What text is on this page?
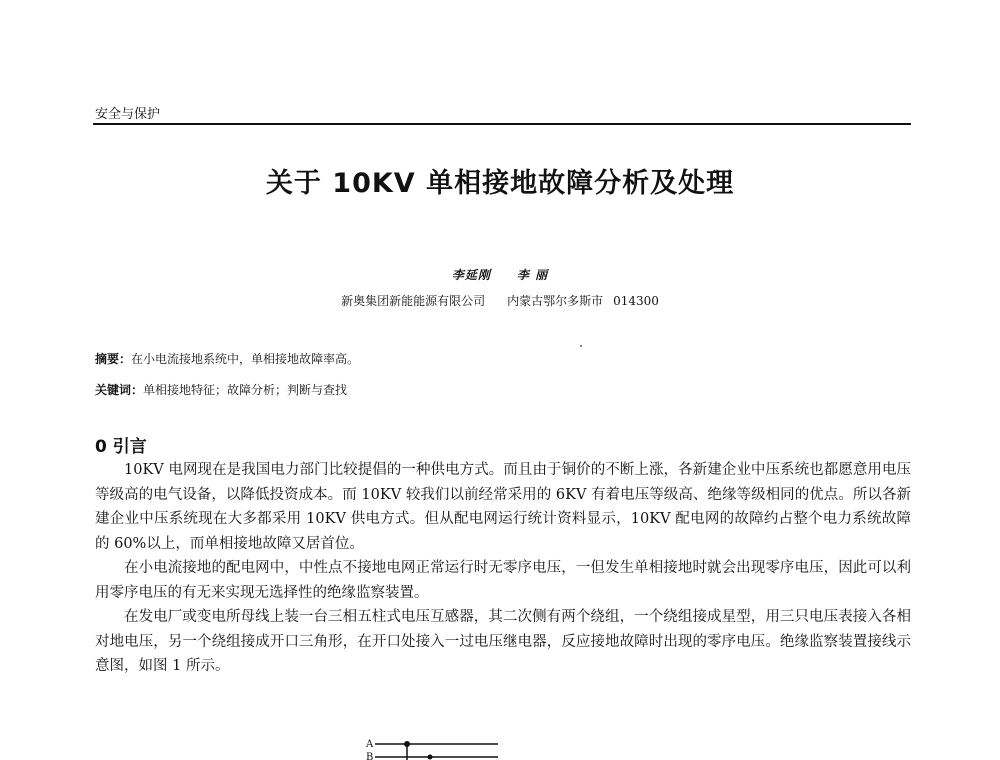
安全与保护
关于 10KV 单相接地故障分析及处理
李延刚 李 丽
新奥集团新能能源有限公司 内蒙古鄂尔多斯市 014300
摘要：在小电流接地系统中，单相接地故障率高。
关键词：单相接地特征；故障分析；判断与查找
0 引言

10KV 电网现在是我国电力部门比较提倡的一种供电方式。而且由于铜价的不断上涨，各新建企业中压系统也都愿意用电压等级高的电气设备，以降低投资成本。而 10KV 较我们以前经常采用的 6KV 有着电压等级高、绝缘等级相同的优点。所以各新建企业中压系统现在大多都采用 10KV 供电方式。但从配电网运行统计资料显示，10KV 配电网的故障约占整个电力系统故障的 60%以上，而单相接地故障又居首位。

在小电流接地的配电网中，中性点不接地电网正常运行时无零序电压，一但发生单相接地时就会出现零序电压，因此可以利用零序电压的有无来实现无选择性的绝缘监察装置。

在发电厂或变电所母线上装一台三相五柱式电压互感器，其二次侧有两个绕组，一个绕组接成星型，用三只电压表接入各相对地电压，另一个绕组接成开口三角形，在开口处接入一过电压继电器，反应接地故障时出现的零序电压。绝缘监察装置接线示意图，如图 1 所示。

A
B
